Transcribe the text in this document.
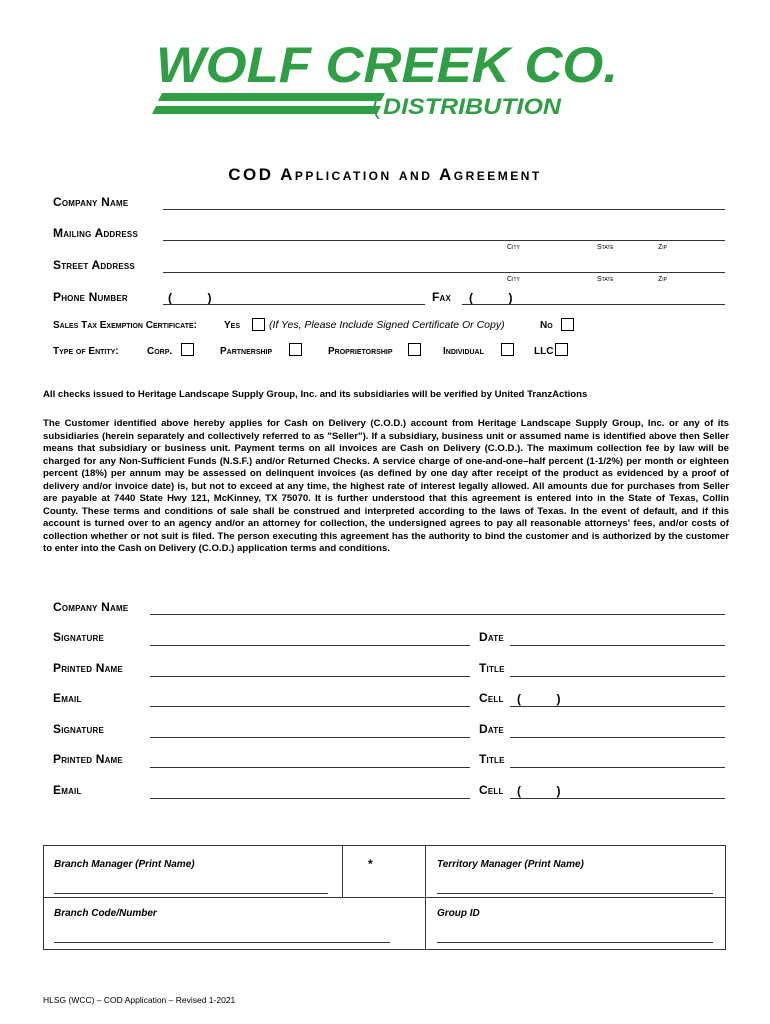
WOLF CREEK CO.
( DISTRIBUTION
COD Application and Agreement
Company Name
Mailing Address
City	State	Zip
Street Address
City	State	Zip
Phone Number	(          )	Fax (          )
Sales Tax Exemption Certificate:	Yes	(If Yes, Please Include Signed Certificate Or Copy)	No
Type of Entity:	Corp.	Partnership	Proprietorship	Individual	LLC
All checks issued to Heritage Landscape Supply Group, Inc. and its subsidiaries will be verified by United TranzActions
The Customer identified above hereby applies for Cash on Delivery (C.O.D.) account from Heritage Landscape Supply Group, Inc. or any of its subsidiaries (herein separately and collectively referred to as "Seller"). If a subsidiary, business unit or assumed name is identified above then Seller means that subsidiary or business unit. Payment terms on all invoices are Cash on Delivery (C.O.D.). The maximum collection fee by law will be charged for any Non-Sufficient Funds (N.S.F.) and/or Returned Checks. A service charge of one-and-one–half percent (1-1/2%) per month or eighteen percent (18%) per annum may be assessed on delinquent invoices (as defined by one day after receipt of the product as evidenced by a proof of delivery and/or invoice date) is, but not to exceed at any time, the highest rate of interest legally allowed. All amounts due for purchases from Seller are payable at 7440 State Hwy 121, McKinney, TX 75070. It is further understood that this agreement is entered into in the State of Texas, Collin County. These terms and conditions of sale shall be construed and interpreted according to the laws of Texas. In the event of default, and if this account is turned over to an agency and/or an attorney for collection, the undersigned agrees to pay all reasonable attorneys' fees, and/or costs of collection whether or not suit is filed. The person executing this agreement has the authority to bind the customer and is authorized by the customer to enter into the Cash on Delivery (C.O.D.) application terms and conditions.
Company Name
Signature	Date
Printed Name	Title
Email	Cell (          )
Signature	Date
Printed Name	Title
Email	Cell (          )
Branch Manager (Print Name)	*	Territory Manager (Print Name)
Branch Code/Number	Group ID
HLSG (WCC) – COD Application – Revised 1-2021
